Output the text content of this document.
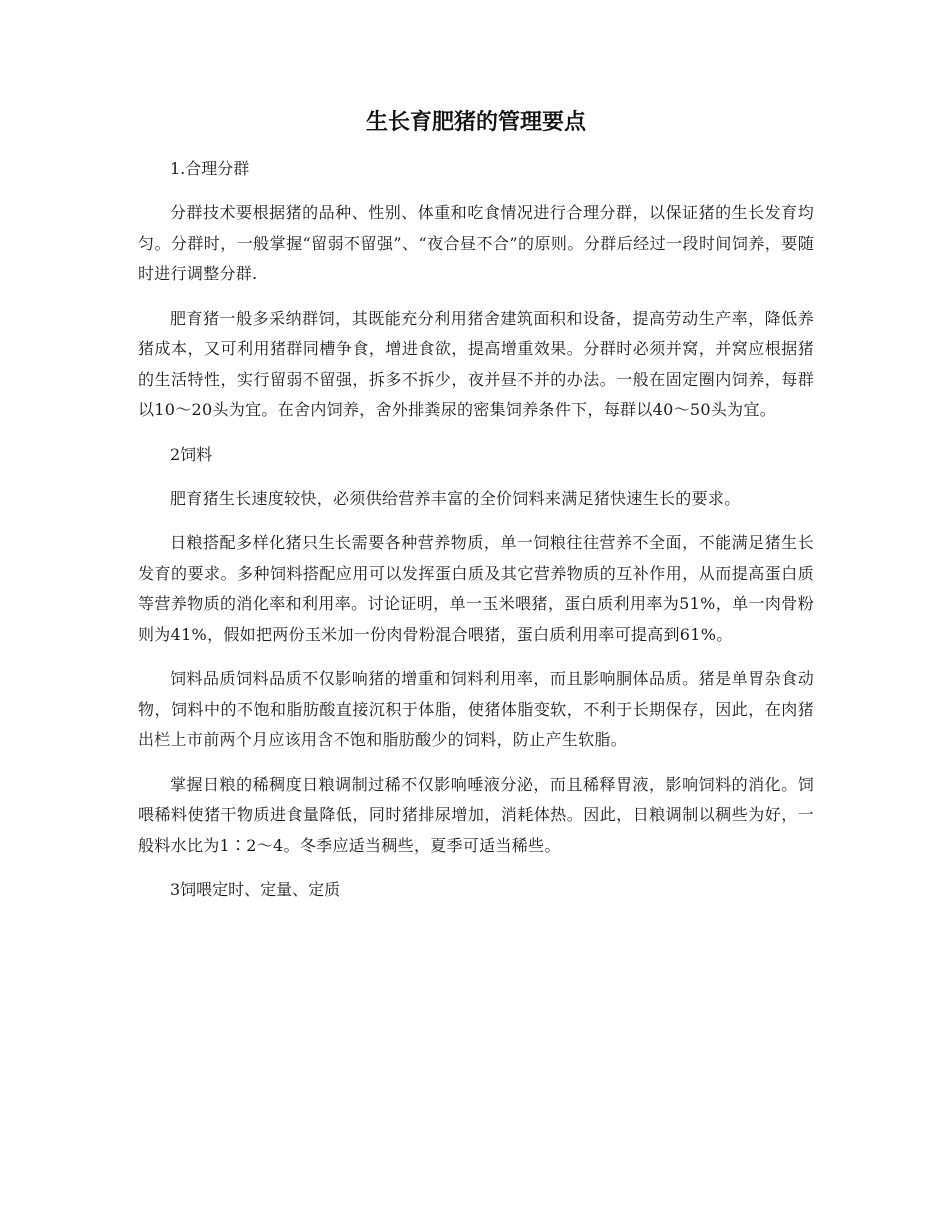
生长育肥猪的管理要点

1.合理分群

分群技术要根据猪的品种、性别、体重和吃食情况进行合理分群，以保证猪的生长发育均匀。分群时，一般掌握“留弱不留强”、“夜合昼不合”的原则。分群后经过一段时间饲养，要随时进行调整分群.

肥育猪一般多采纳群饲，其既能充分利用猪舍建筑面积和设备，提高劳动生产率，降低养猪成本，又可利用猪群同槽争食，增进食欲，提高增重效果。分群时必须并窝，并窝应根据猪的生活特性，实行留弱不留强，拆多不拆少，夜并昼不并的办法。一般在固定圈内饲养，每群以10～20头为宜。在舍内饲养，舍外排粪尿的密集饲养条件下，每群以40～50头为宜。

2饲料

肥育猪生长速度较快，必须供给营养丰富的全价饲料来满足猪快速生长的要求。

日粮搭配多样化猪只生长需要各种营养物质，单一饲粮往往营养不全面，不能满足猪生长发育的要求。多种饲料搭配应用可以发挥蛋白质及其它营养物质的互补作用，从而提高蛋白质等营养物质的消化率和利用率。讨论证明，单一玉米喂猪，蛋白质利用率为51%，单一肉骨粉则为41%，假如把两份玉米加一份肉骨粉混合喂猪，蛋白质利用率可提高到61%。

饲料品质饲料品质不仅影响猪的增重和饲料利用率，而且影响胴体品质。猪是单胃杂食动物，饲料中的不饱和脂肪酸直接沉积于体脂，使猪体脂变软，不利于长期保存，因此，在肉猪出栏上市前两个月应该用含不饱和脂肪酸少的饲料，防止产生软脂。

掌握日粮的稀稠度日粮调制过稀不仅影响唾液分泌，而且稀释胃液，影响饲料的消化。饲喂稀料使猪干物质进食量降低，同时猪排尿增加，消耗体热。因此，日粮调制以稠些为好，一般料水比为1∶2～4。冬季应适当稠些，夏季可适当稀些。

3饲喂定时、定量、定质
